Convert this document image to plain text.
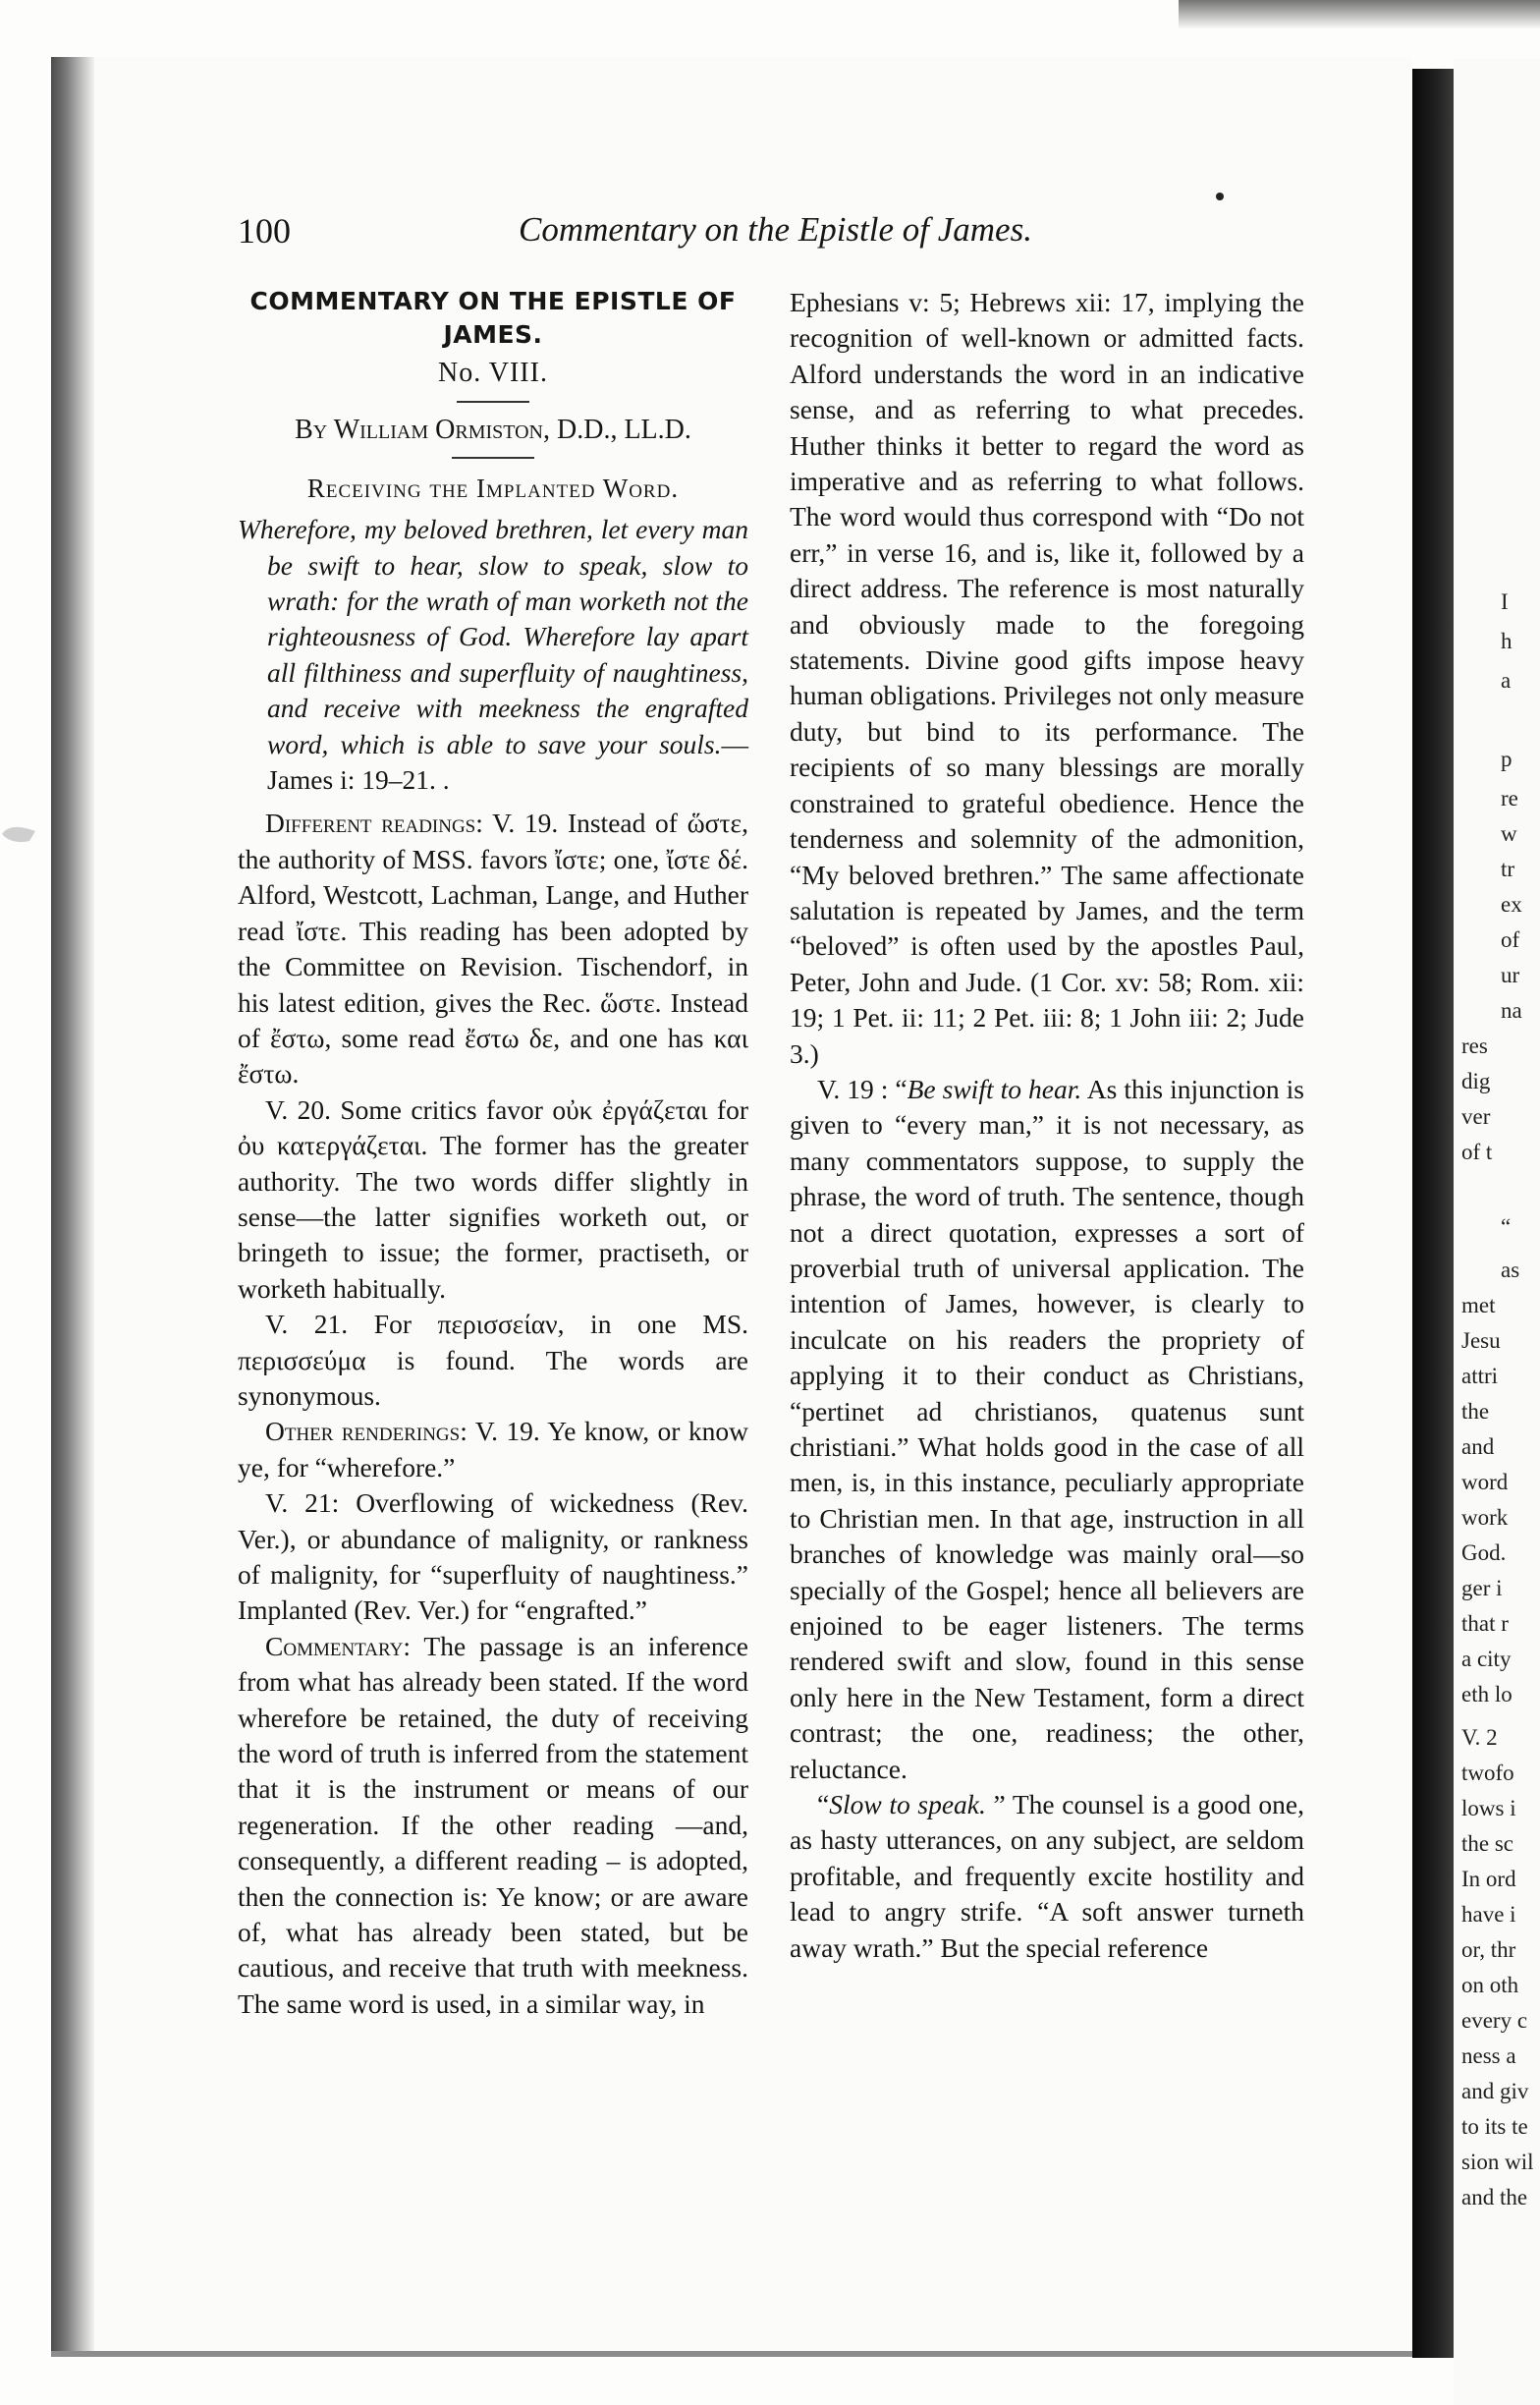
I
h
a
p
re
w
tr
ex
of
ur
na
res
dig
ver
of t
“
as
met
Jesu
attri
the
and
word
work
God.
ger i
that r
a city
eth lo
V. 2
twofo
lows i
the sc
In ord
have i
or, thr
on oth
every c
ness a
and giv
to its te
sion wil
and the
100	Commentary on the Epistle of James.
COMMENTARY ON THE EPISTLE OF JAMES.
No. VIII.
By William Ormiston, D.D., LL.D.
Receiving the Implanted Word.

Wherefore, my beloved brethren, let every man be swift to hear, slow to speak, slow to wrath: for the wrath of man worketh not the righteousness of God. Wherefore lay apart all filthiness and superfluity of naughtiness, and receive with meekness the engrafted word, which is able to save your souls.—James i: 19–21. .

Different readings: V. 19. Instead of ὥστε, the authority of MSS. favors ἴστε; one, ἴστε δέ. Alford, Westcott, Lachman, Lange, and Huther read ἴστε. This reading has been adopted by the Committee on Revision. Tischendorf, in his latest edition, gives the Rec. ὥστε. Instead of ἔστω, some read ἔστω δε, and one has και ἔστω.

V. 20. Some critics favor οὐκ ἐργάζεται for ὀυ κατεργάζεται. The former has the greater authority. The two words differ slightly in sense—the latter signifies worketh out, or bringeth to issue; the former, practiseth, or worketh habitually.

V. 21. For περισσείαν, in one MS. περισσεύμα is found. The words are synonymous.

Other renderings: V. 19. Ye know, or know ye, for “wherefore.”

V. 21: Overflowing of wickedness (Rev. Ver.), or abundance of malignity, or rankness of malignity, for “superfluity of naughtiness.” Implanted (Rev. Ver.) for “engrafted.”

Commentary: The passage is an inference from what has already been stated. If the word wherefore be retained, the duty of receiving the word of truth is inferred from the statement that it is the instrument or means of our regeneration. If the other reading —and, consequently, a different reading – is adopted, then the connection is: Ye know; or are aware of, what has already been stated, but be cautious, and receive that truth with meekness. The same word is used, in a similar way, in

Ephesians v: 5; Hebrews xii: 17, implying the recognition of well-known or admitted facts. Alford understands the word in an indicative sense, and as referring to what precedes. Huther thinks it better to regard the word as imperative and as referring to what follows. The word would thus correspond with “Do not err,” in verse 16, and is, like it, followed by a direct address. The reference is most naturally and obviously made to the foregoing statements. Divine good gifts impose heavy human obligations. Privileges not only measure duty, but bind to its performance. The recipients of so many blessings are morally constrained to grateful obedience. Hence the tenderness and solemnity of the admonition, “My beloved brethren.” The same affectionate salutation is repeated by James, and the term “beloved” is often used by the apostles Paul, Peter, John and Jude. (1 Cor. xv: 58; Rom. xii: 19; 1 Pet. ii: 11; 2 Pet. iii: 8; 1 John iii: 2; Jude 3.)

V. 19 : “Be swift to hear. As this injunction is given to “every man,” it is not necessary, as many commentators suppose, to supply the phrase, the word of truth. The sentence, though not a direct quotation, expresses a sort of proverbial truth of universal application. The intention of James, however, is clearly to inculcate on his readers the propriety of applying it to their conduct as Christians, “pertinet ad christianos, quatenus sunt christiani.” What holds good in the case of all men, is, in this instance, peculiarly appropriate to Christian men. In that age, instruction in all branches of knowledge was mainly oral—so specially of the Gospel; hence all believers are enjoined to be eager listeners. The terms rendered swift and slow, found in this sense only here in the New Testament, form a direct contrast; the one, readiness; the other, reluctance.

“Slow to speak. ” The counsel is a good one, as hasty utterances, on any subject, are seldom profitable, and frequently excite hostility and lead to angry strife. “A soft answer turneth away wrath.” But the special reference
